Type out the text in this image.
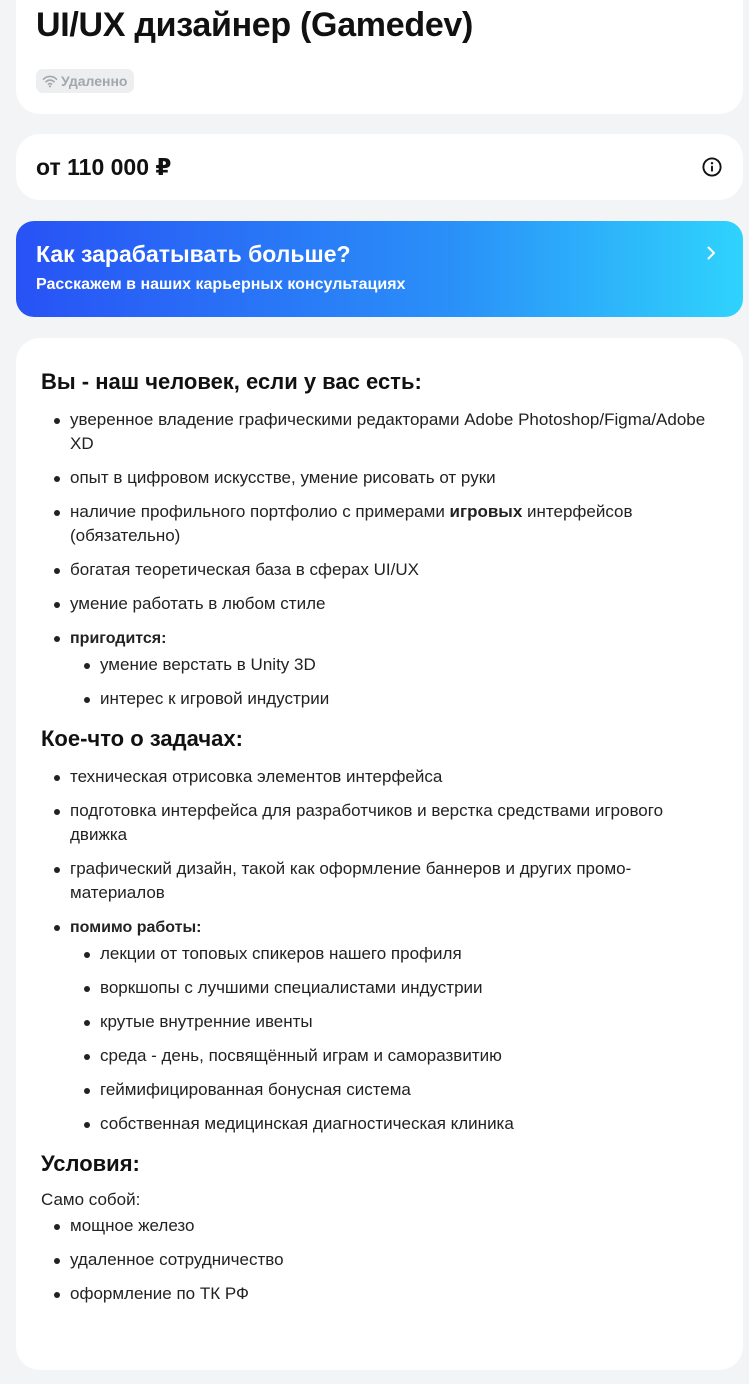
UI/UX дизайнер (Gamedev)
Удаленно
от 110 000 ₽
Как зарабатывать больше?
Расскажем в наших карьерных консультациях
Вы - наш человек, если у вас есть:
уверенное владение графическими редакторами Adobe Photoshop/Figma/Adobe XD
опыт в цифровом искусстве, умение рисовать от руки
наличие профильного портфолио с примерами игровых интерфейсов (обязательно)
богатая теоретическая база в сферах UI/UX
умение работать в любом стиле
пригодится:
умение верстать в Unity 3D
интерес к игровой индустрии
Кое-что о задачах:
техническая отрисовка элементов интерфейса
подготовка интерфейса для разработчиков и верстка средствами игрового движка
графический дизайн, такой как оформление баннеров и других промо-материалов
помимо работы:
лекции от топовых спикеров нашего профиля
воркшопы с лучшими специалистами индустрии
крутые внутренние ивенты
среда - день, посвящённый играм и саморазвитию
геймифицированная бонусная система
собственная медицинская диагностическая клиника
Условия:

Само собой:

мощное железо
удаленное сотрудничество
оформление по ТК РФ
